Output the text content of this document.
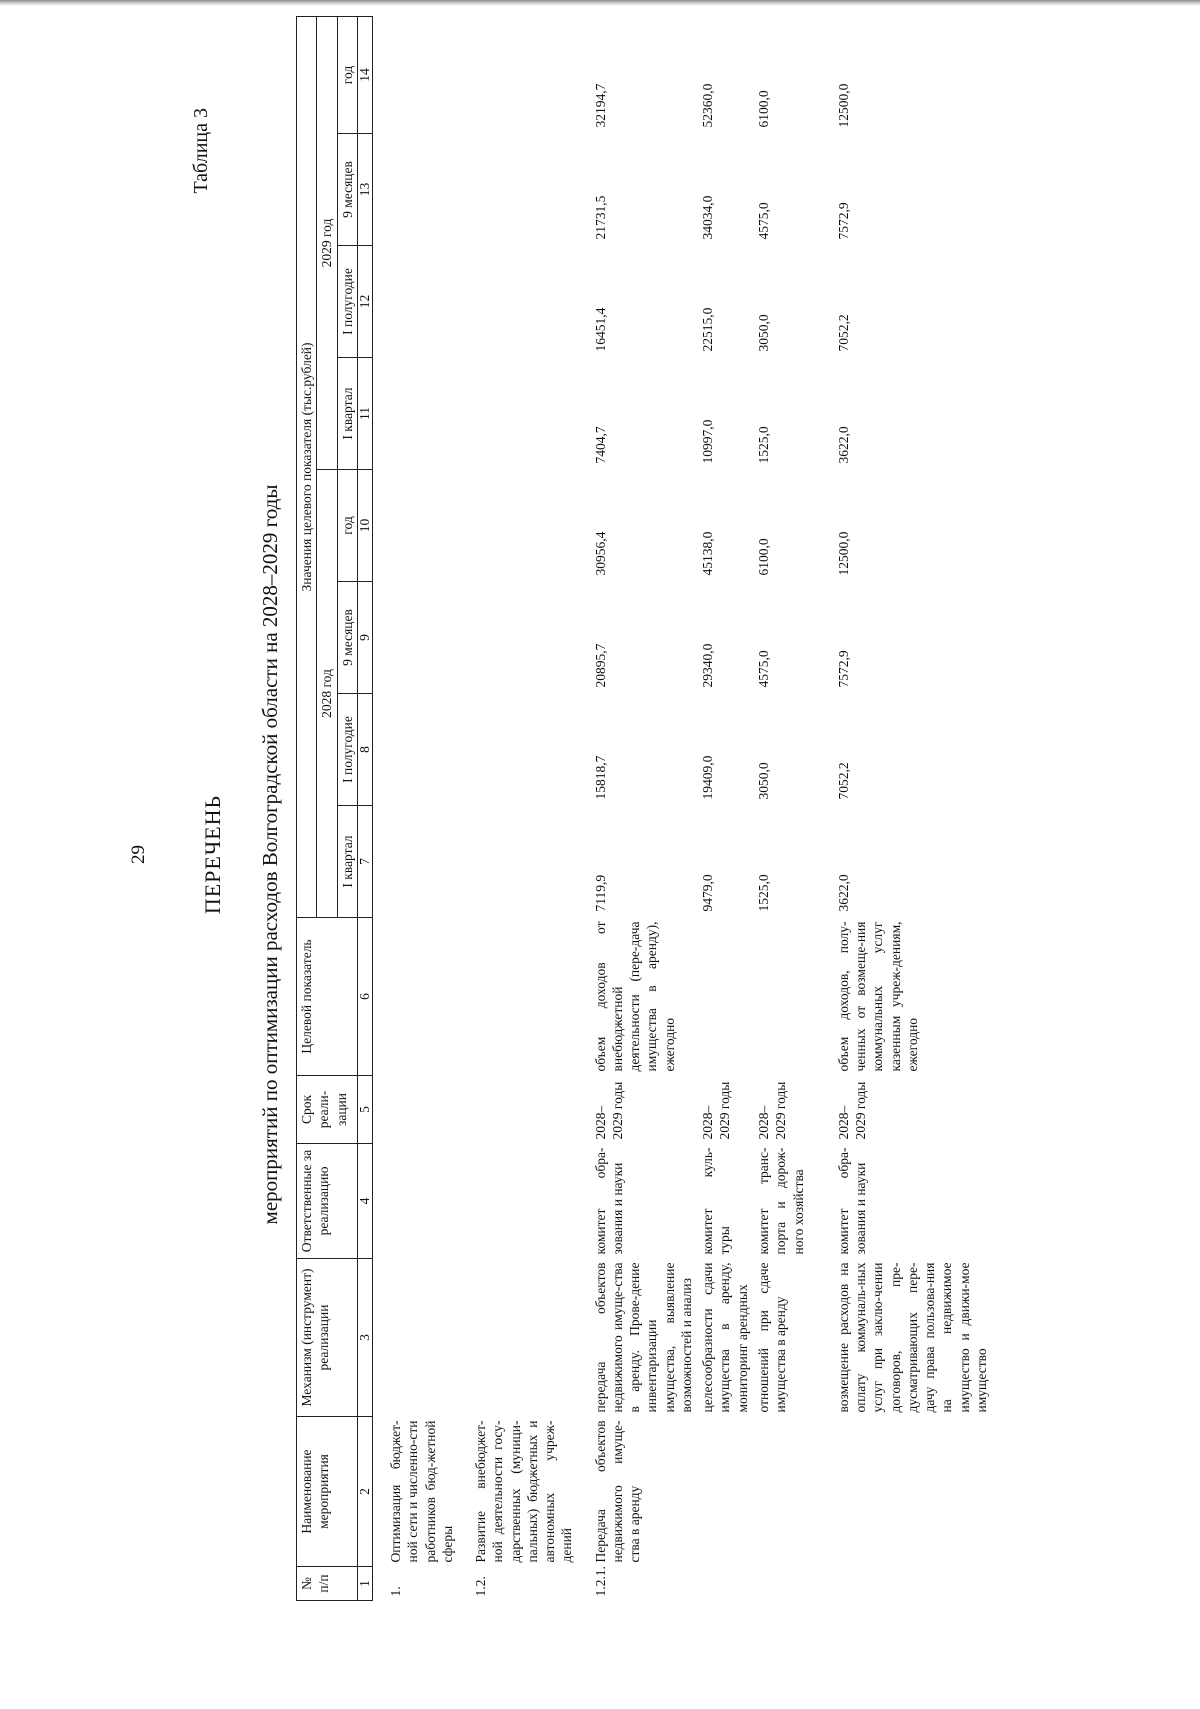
29
Таблица 3
ПЕРЕЧЕНЬ мероприятий по оптимизации расходов Волгоградской области на 2028–2029 годы
№ п/п	Наименование мероприятия	Механизм (инструмент) реализации	Ответственные за реализацию	Срок реали-зации	Целевой показатель	Значения целевого показателя (тыс.рублей)							
						2028 год				2029 год			
						I квартал	I полугодие	9 месяцев	год	I квартал	I полугодие	9 месяцев	год
1	2	3	4	5	6	7	8	9	10	11	12	13	14
1.	Оптимизация бюджет-ной сети и численно-сти работников бюд-жетной сферы												
1.2.	Развитие внебюджет-ной деятельности госу-дарственных (муници-пальных) бюджетных и автономных учреж-дений												
1.2.1.	Передача объектов недвижимого имуще-ства в аренду	передача объектов недвижимого имуще-ства в аренду. Прове-дение инвентаризации имущества, выявление возможностей и анализ	комитет обра-зования и науки	2028–2029 годы	объем доходов от внебюджетной деятельности (пере-дача имущества в аренду), ежегодно	7119,9	15818,7	20895,7	30956,4	7404,7	16451,4	21731,5	32194,7
		целесообразности сдачи имущества в аренду, мониторинг арендных	комитет куль-туры	2028–2029 годы		9479,0	19409,0	29340,0	45138,0	10997,0	22515,0	34034,0	52360,0
		отношений при сдаче имущества в аренду	комитет транс-порта и дорож-ного хозяйства	2028–2029 годы		1525,0	3050,0	4575,0	6100,0	1525,0	3050,0	4575,0	6100,0
		возмещение расходов на оплату коммуналь-ных услуг при заклю-чении договоров, пре-дусматривающих пере-дачу права пользова-ния на недвижимое имущество и движи-мое имущество	комитет обра-зования и науки	2028–2029 годы	объем доходов, полу-ченных от возмеще-ния коммунальных услуг казенным учреж-дениям, ежегодно	3622,0	7052,2	7572,9	12500,0	3622,0	7052,2	7572,9	12500,0
